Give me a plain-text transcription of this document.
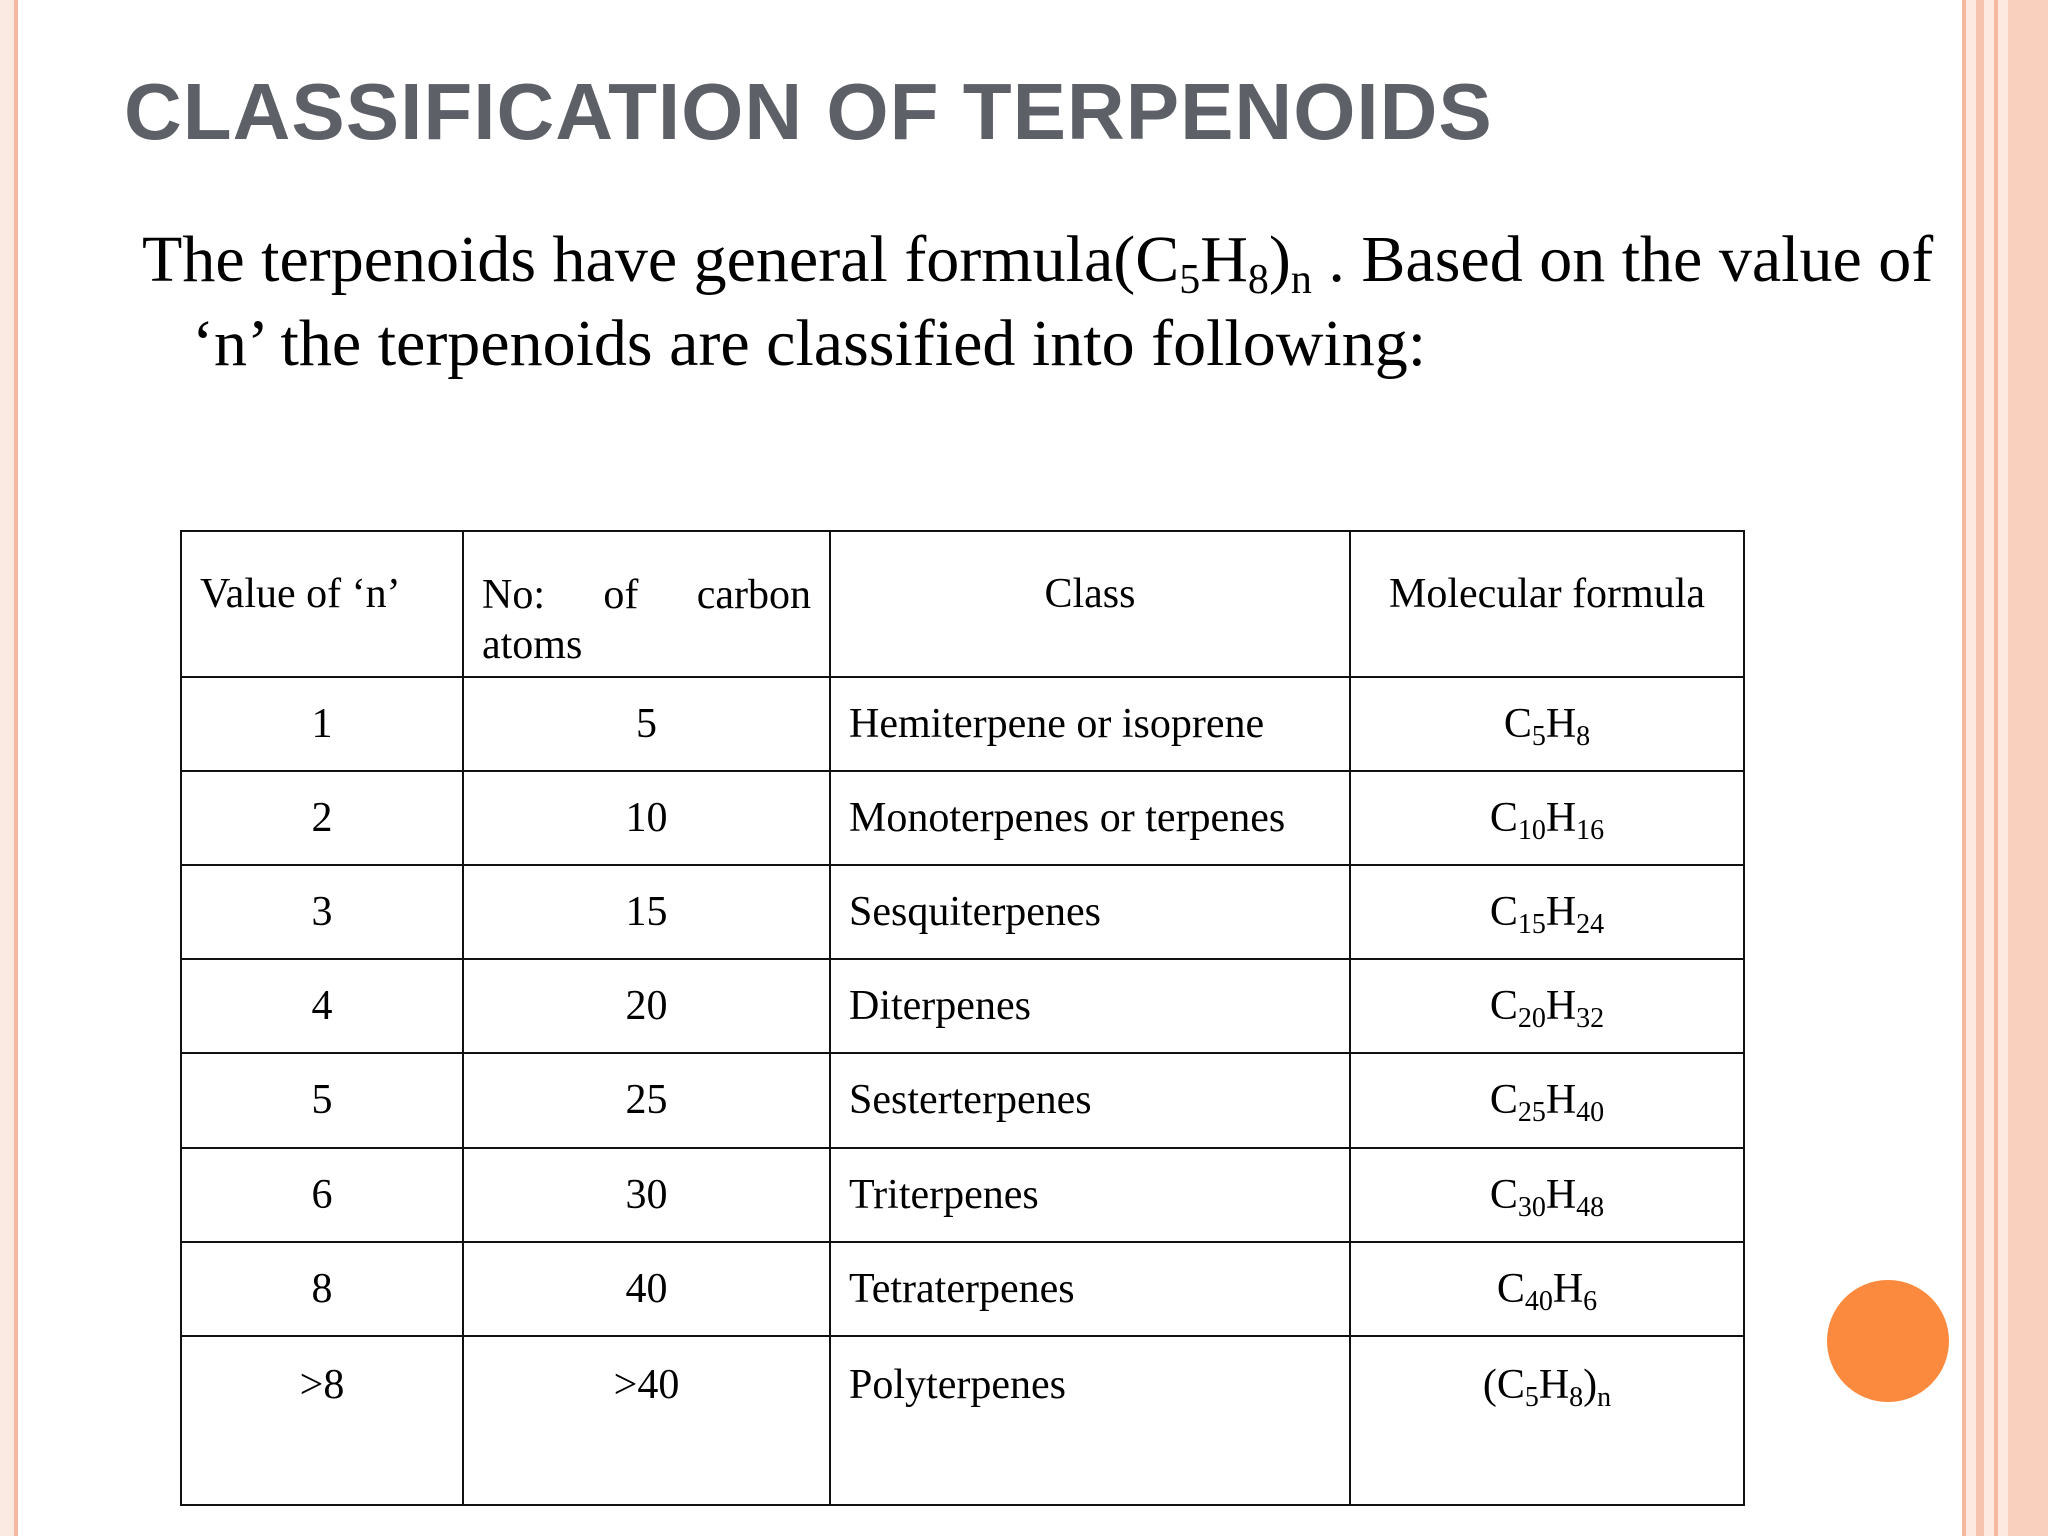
CLASSIFICATION OF TERPENOIDS
The terpenoids have general $formula(C_5H_8)_n$ . Based on the value of
‘n’ the terpenoids are classified into following:
Value of ‘n’	No: of carbon atoms	Class	Molecular formula
1	5	Hemiterpene or isoprene	$C_5H_8$
2	10	Monoterpenes or terpenes	$C_{10}H_{16}$
3	15	Sesquiterpenes	$C_{15}H_{24}$
4	20	Diterpenes	$C_{20}H_{32}$
5	25	Sesterterpenes	$C_{25}H_{40}$
6	30	Triterpenes	$C_{30}H_{48}$
8	40	Tetraterpenes	$C_{40}H_6$
>8	>40	Polyterpenes	$(C_5H_8)_n$
